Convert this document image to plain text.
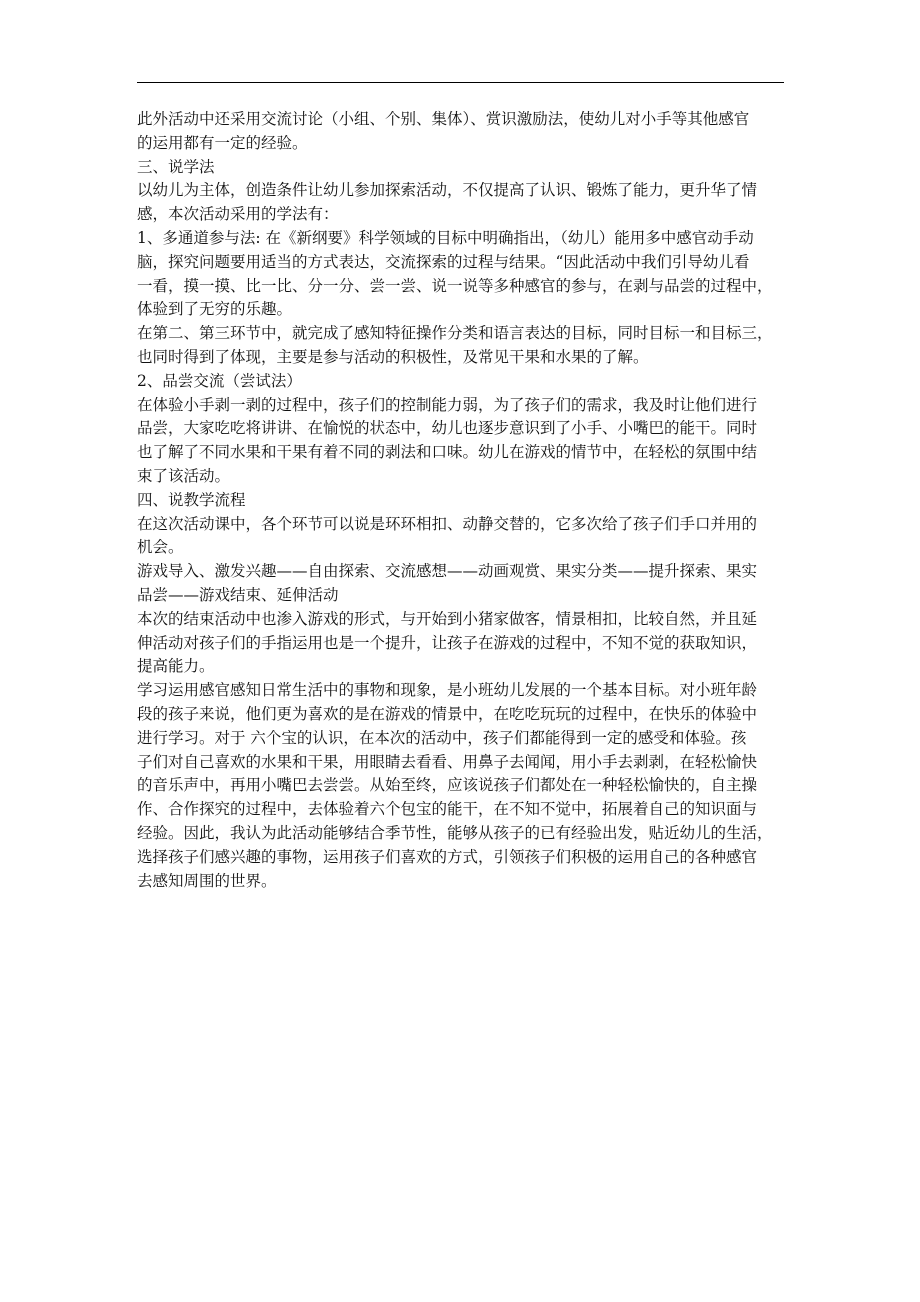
此外活动中还采用交流讨论（小组、个别、集体）、赏识激励法，使幼儿对小手等其他感官
的运用都有一定的经验。
三、说学法
以幼儿为主体，创造条件让幼儿参加探索活动，不仅提高了认识、锻炼了能力，更升华了情
感，本次活动采用的学法有：
1、多通道参与法: 在《新纲要》科学领域的目标中明确指出，（幼儿）能用多中感官动手动
脑，探究问题要用适当的方式表达，交流探索的过程与结果。“因此活动中我们引导幼儿看
一看，摸一摸、比一比、分一分、尝一尝、说一说等多种感官的参与，在剥与品尝的过程中，
体验到了无穷的乐趣。
在第二、第三环节中，就完成了感知特征操作分类和语言表达的目标，同时目标一和目标三，
也同时得到了体现，主要是参与活动的积极性，及常见干果和水果的了解。
2、品尝交流（尝试法）
在体验小手剥一剥的过程中，孩子们的控制能力弱，为了孩子们的需求，我及时让他们进行
品尝，大家吃吃将讲讲、在愉悦的状态中，幼儿也逐步意识到了小手、小嘴巴的能干。同时
也了解了不同水果和干果有着不同的剥法和口味。幼儿在游戏的情节中，在轻松的氛围中结
束了该活动。
四、说教学流程
在这次活动课中，各个环节可以说是环环相扣、动静交替的，它多次给了孩子们手口并用的
机会。
游戏导入、激发兴趣——自由探索、交流感想——动画观赏、果实分类——提升探索、果实
品尝——游戏结束、延伸活动
本次的结束活动中也渗入游戏的形式，与开始到小猪家做客，情景相扣，比较自然，并且延
伸活动对孩子们的手指运用也是一个提升，让孩子在游戏的过程中，不知不觉的获取知识，
提高能力。
学习运用感官感知日常生活中的事物和现象，是小班幼儿发展的一个基本目标。对小班年龄
段的孩子来说，他们更为喜欢的是在游戏的情景中，在吃吃玩玩的过程中，在快乐的体验中
进行学习。对于 六个宝的认识，在本次的活动中，孩子们都能得到一定的感受和体验。孩
子们对自己喜欢的水果和干果，用眼睛去看看、用鼻子去闻闻，用小手去剥剥，在轻松愉快
的音乐声中，再用小嘴巴去尝尝。从始至终，应该说孩子们都处在一种轻松愉快的，自主操
作、合作探究的过程中，去体验着六个包宝的能干，在不知不觉中，拓展着自己的知识面与
经验。因此，我认为此活动能够结合季节性，能够从孩子的已有经验出发，贴近幼儿的生活，
选择孩子们感兴趣的事物，运用孩子们喜欢的方式，引领孩子们积极的运用自己的各种感官
去感知周围的世界。
